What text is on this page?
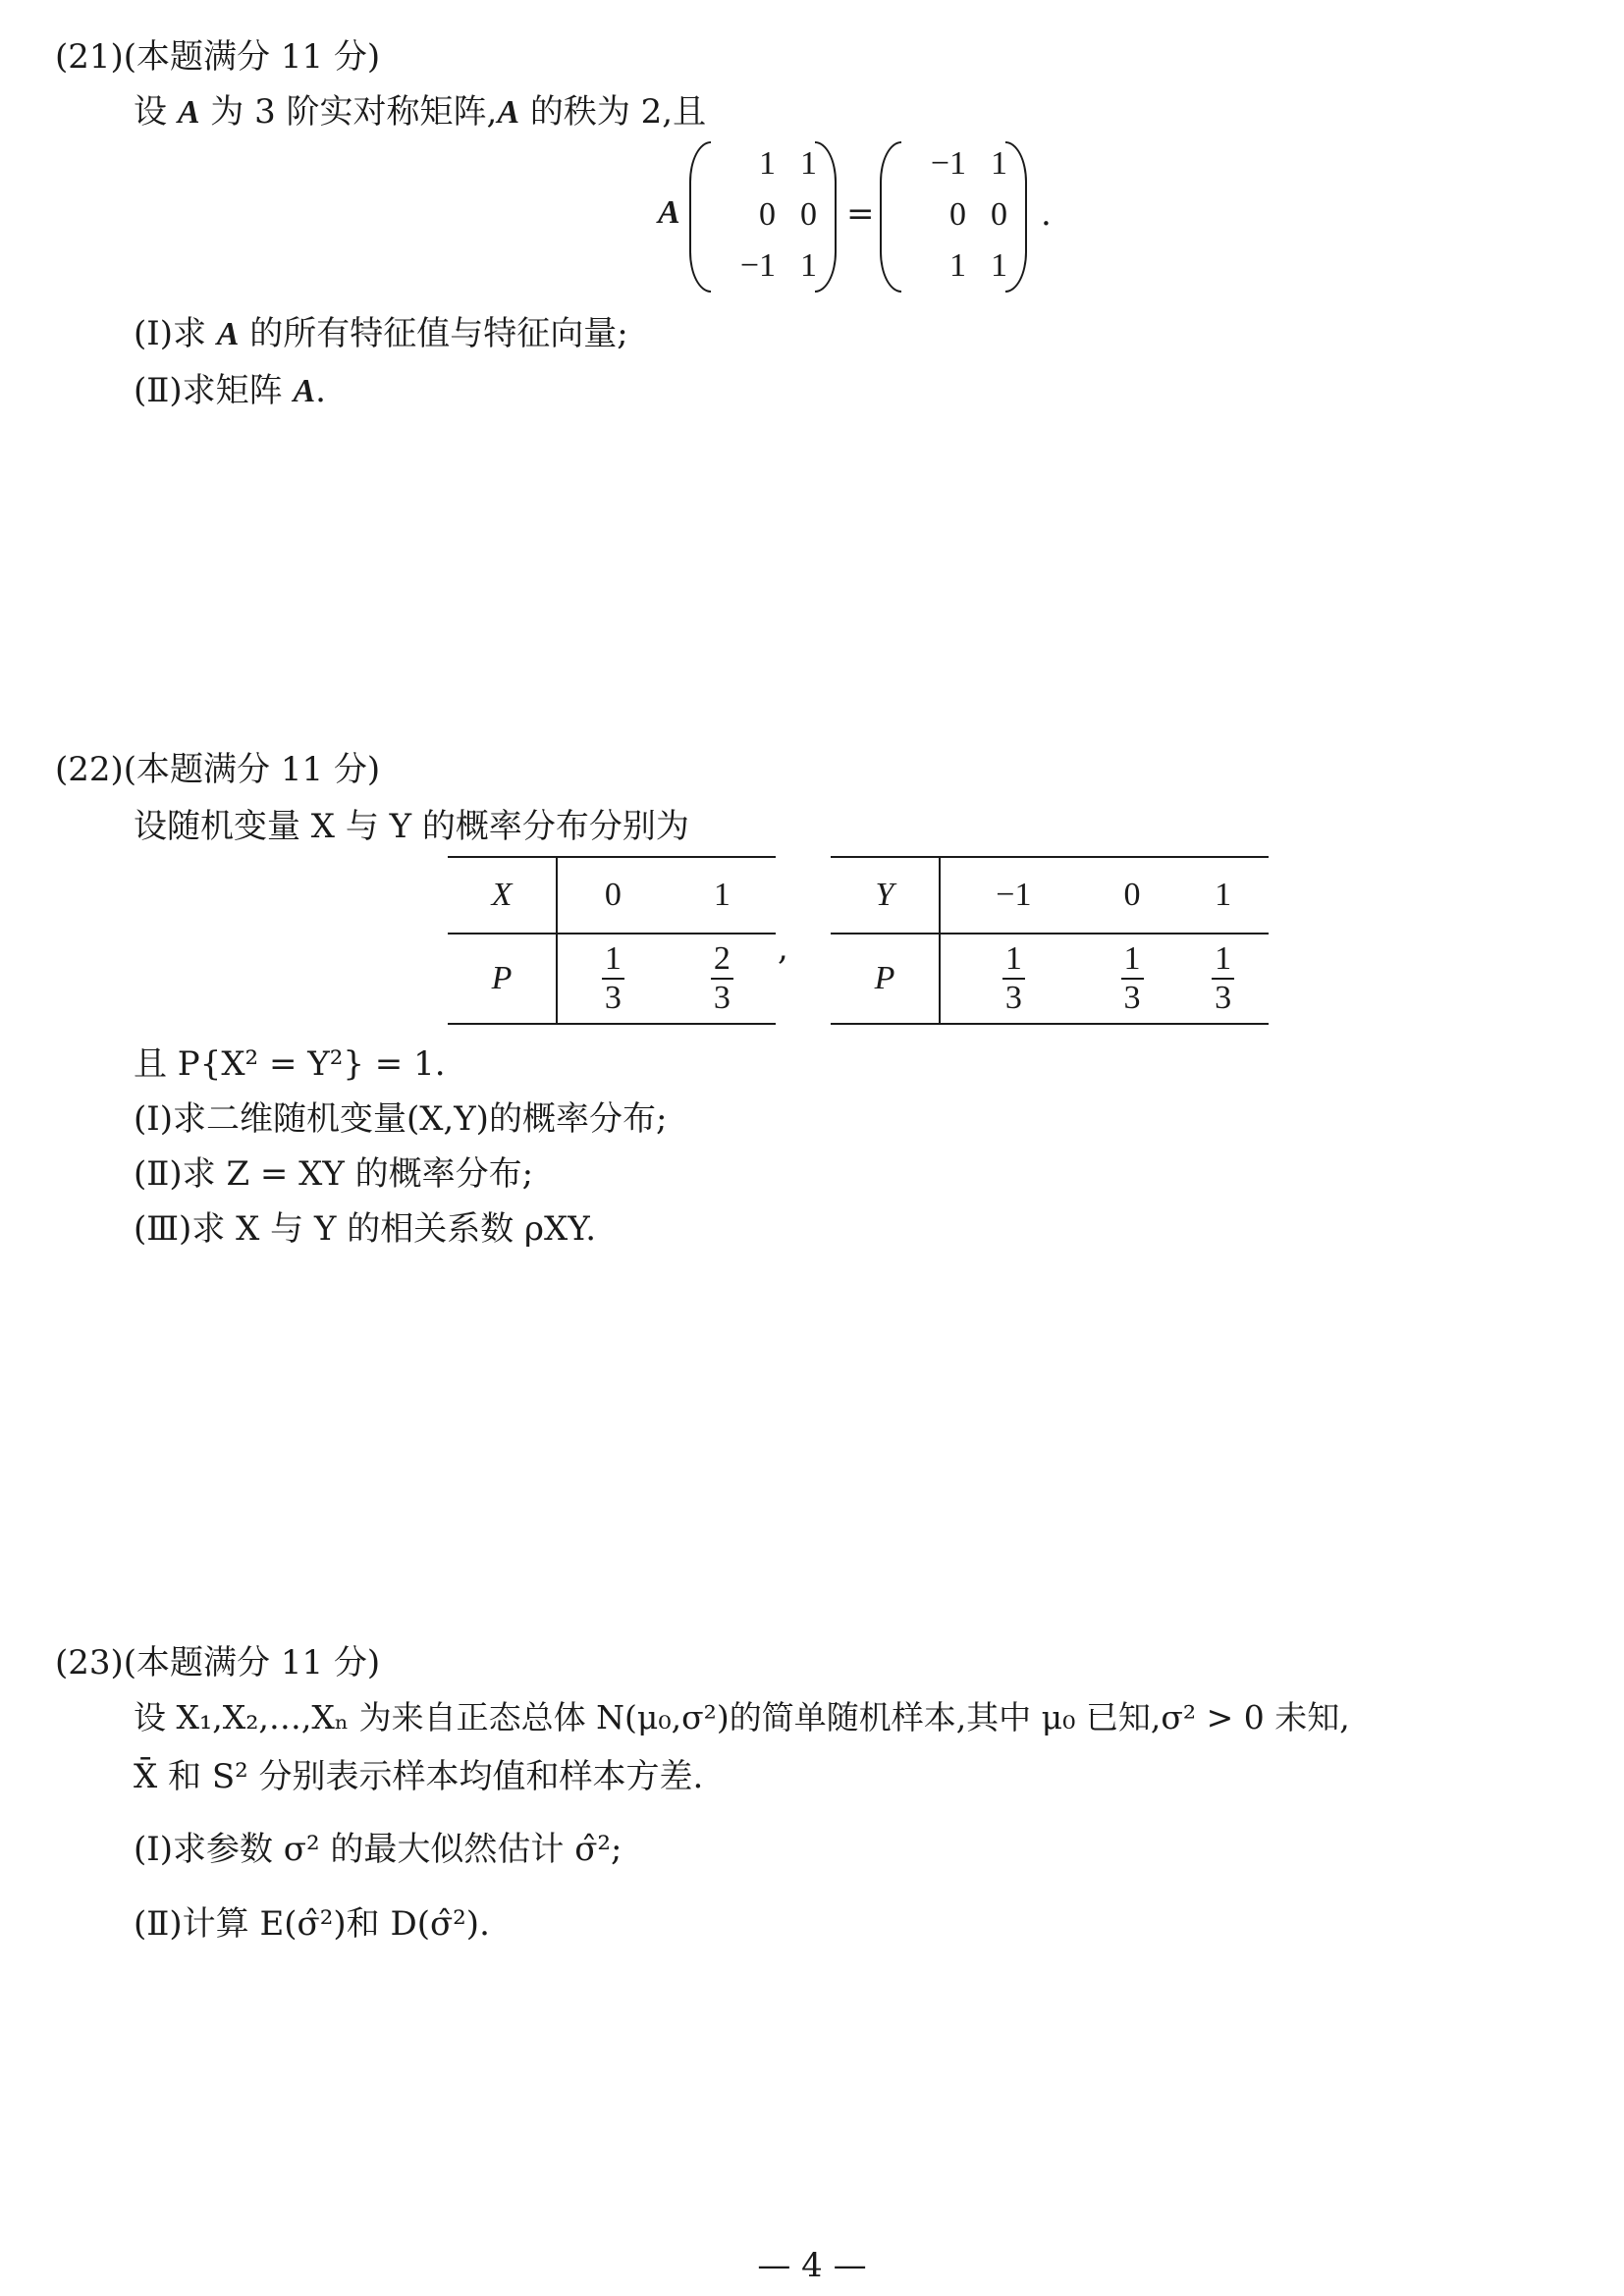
(21)(本题满分 11 分)
设 A 为 3 阶实对称矩阵,A 的秩为 2,且
A
1 1
0 0
−1 1
=
−1 1
0 0
1 1
.
(Ⅰ)求 A 的所有特征值与特征向量;
(Ⅱ)求矩阵 A.
(22)(本题满分 11 分)
设随机变量 X 与 Y 的概率分布分别为
X	0	1
P	$\frac{1}{3}$	$\frac{2}{3}$ ,
Y	−1	0	1
P	$\frac{1}{3}$	$\frac{1}{3}$	$\frac{1}{3}$
且 P{X² = Y²} = 1.
(Ⅰ)求二维随机变量(X,Y)的概率分布;
(Ⅱ)求 Z = XY 的概率分布;
(Ⅲ)求 X 与 Y 的相关系数 ρXY.
(23)(本题满分 11 分)
设 X₁,X₂,…,Xₙ 为来自正态总体 N(μ₀,σ²)的简单随机样本,其中 μ₀ 已知,σ² > 0 未知,
X̄ 和 S² 分别表示样本均值和样本方差.
(Ⅰ)求参数 σ² 的最大似然估计 σ̂²;
(Ⅱ)计算 E(σ̂²)和 D(σ̂²).
— 4 —
